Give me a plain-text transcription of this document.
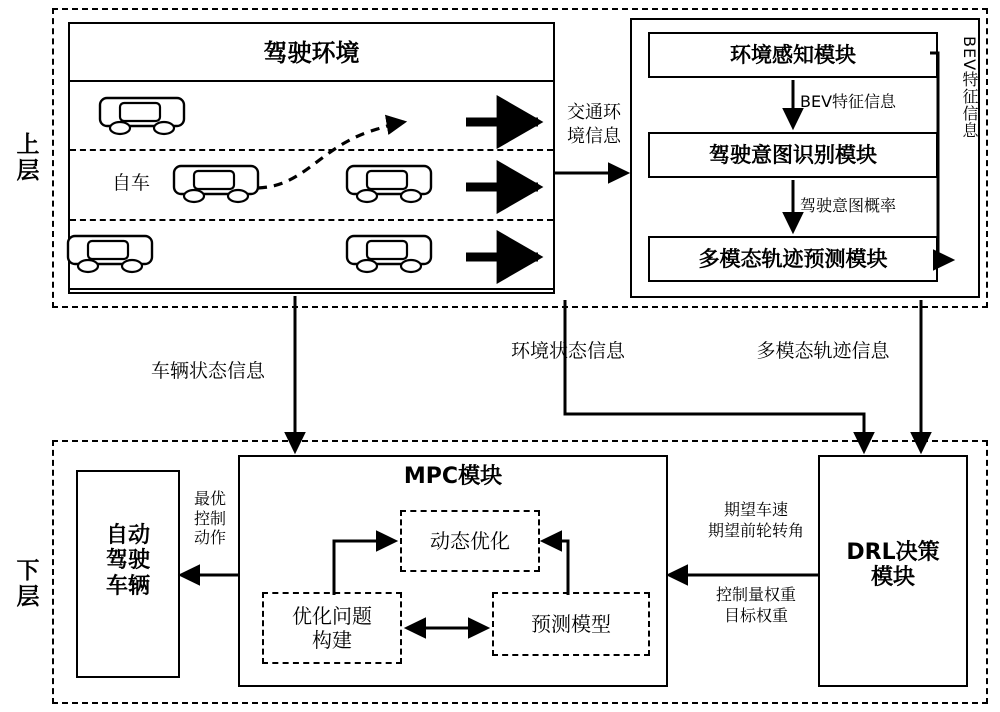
上层
驾驶环境
自车
环境感知模块
驾驶意图识别模块
多模态轨迹预测模块
BEV特征信息
驾驶意图概率
BEV特征信息
交通环
境信息
车辆状态信息
环境状态信息	多模态轨迹信息
下层
自动
驾驶
车辆
MPC模块
动态优化
优化问题
构建
预测模型
最优
控制
动作
DRL决策
模块
期望车速
期望前轮转角
控制量权重
目标权重
